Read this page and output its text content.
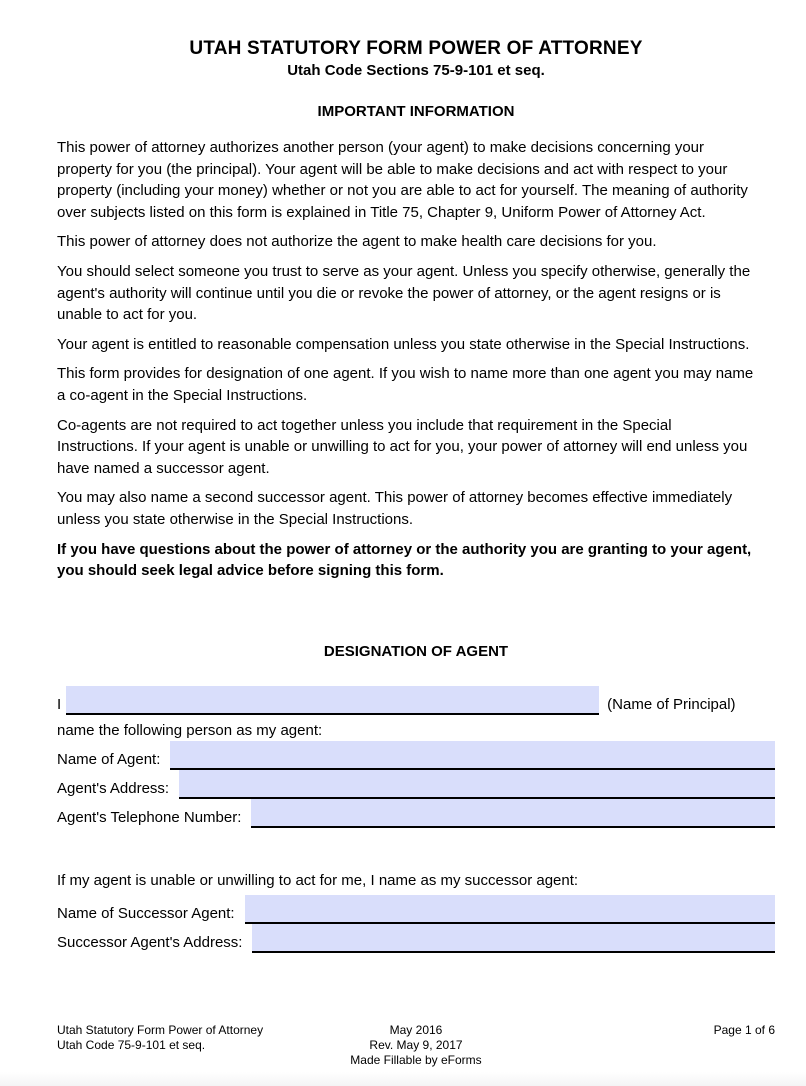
UTAH STATUTORY FORM POWER OF ATTORNEY
Utah Code Sections 75-9-101 et seq.
IMPORTANT INFORMATION

This power of attorney authorizes another person (your agent) to make decisions concerning your property for you (the principal). Your agent will be able to make decisions and act with respect to your property (including your money) whether or not you are able to act for yourself. The meaning of authority over subjects listed on this form is explained in Title 75, Chapter 9, Uniform Power of Attorney Act.

This power of attorney does not authorize the agent to make health care decisions for you.

You should select someone you trust to serve as your agent. Unless you specify otherwise, generally the agent's authority will continue until you die or revoke the power of attorney, or the agent resigns or is unable to act for you.

Your agent is entitled to reasonable compensation unless you state otherwise in the Special Instructions.

This form provides for designation of one agent. If you wish to name more than one agent you may name a co-agent in the Special Instructions.

Co-agents are not required to act together unless you include that requirement in the Special Instructions. If your agent is unable or unwilling to act for you, your power of attorney will end unless you have named a successor agent.

You may also name a second successor agent. This power of attorney becomes effective immediately unless you state otherwise in the Special Instructions.

If you have questions about the power of attorney or the authority you are granting to your agent, you should seek legal advice before signing this form.

DESIGNATION OF AGENT
I	(Name of Principal)

name the following person as my agent:

Name of Agent:
Agent's Address:
Agent's Telephone Number:

If my agent is unable or unwilling to act for me, I name as my successor agent:

Name of Successor Agent:
Successor Agent's Address:
Utah Statutory Form Power of Attorney
Utah Code 75-9-101 et seq.
May 2016
Rev. May 9, 2017
Made Fillable by eForms
Page 1 of 6
